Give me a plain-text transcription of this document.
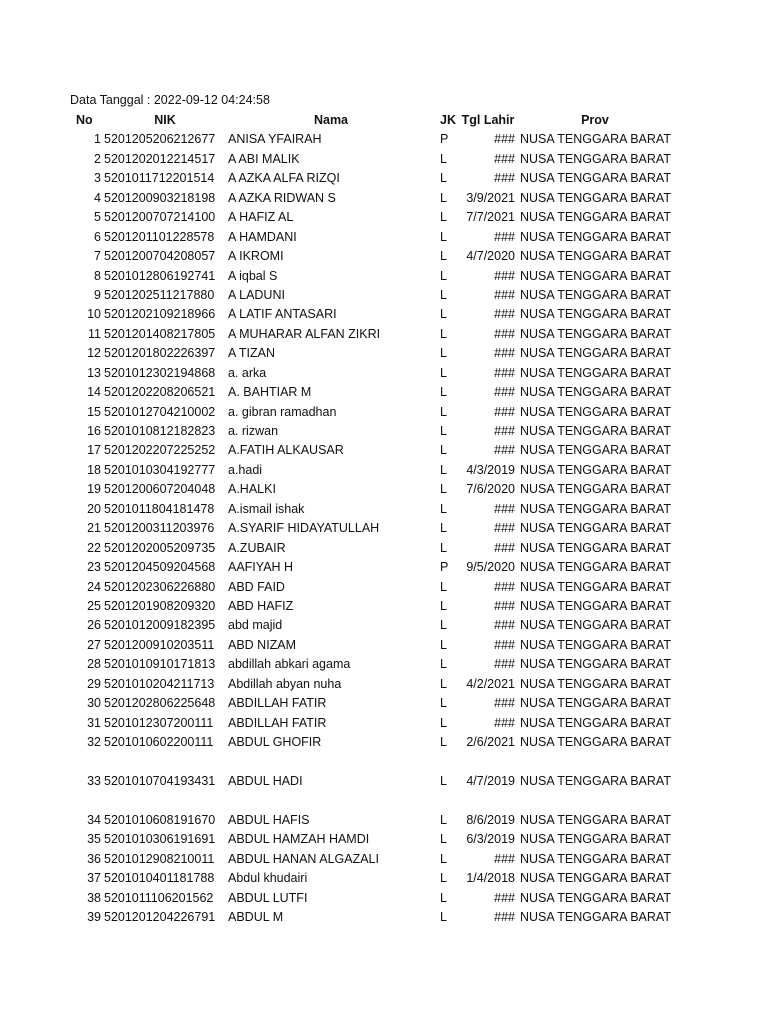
Data Tanggal : 2022-09-12 04:24:58
No	NIK	Nama	JK Tgl Lahir	Prov
1 5201205206212677	ANISA YFAIRAH	P	### NUSA TENGGARA BARAT
2 5201202012214517	A ABI MALIK	L	### NUSA TENGGARA BARAT
3 5201011712201514	A AZKA ALFA RIZQI	L	### NUSA TENGGARA BARAT
4 5201200903218198	A AZKA RIDWAN S	L	3/9/2021 NUSA TENGGARA BARAT
5 5201200707214100	A HAFIZ AL	L	7/7/2021 NUSA TENGGARA BARAT
6 5201201101228578	A HAMDANI	L	### NUSA TENGGARA BARAT
7 5201200704208057	A IKROMI	L	4/7/2020 NUSA TENGGARA BARAT
8 5201012806192741	A iqbal S	L	### NUSA TENGGARA BARAT
9 5201202511217880	A LADUNI	L	### NUSA TENGGARA BARAT
10 5201202109218966	A LATIF ANTASARI	L	### NUSA TENGGARA BARAT
11 5201201408217805	A MUHARAR ALFAN ZIKRI	L	### NUSA TENGGARA BARAT
12 5201201802226397	A TIZAN	L	### NUSA TENGGARA BARAT
13 5201012302194868	a. arka	L	### NUSA TENGGARA BARAT
14 5201202208206521	A. BAHTIAR M	L	### NUSA TENGGARA BARAT
15 5201012704210002	a. gibran ramadhan	L	### NUSA TENGGARA BARAT
16 5201010812182823	a. rizwan	L	### NUSA TENGGARA BARAT
17 5201202207225252	A.FATIH ALKAUSAR	L	### NUSA TENGGARA BARAT
18 5201010304192777	a.hadi	L	4/3/2019 NUSA TENGGARA BARAT
19 5201200607204048	A.HALKI	L	7/6/2020 NUSA TENGGARA BARAT
20 5201011804181478	A.ismail ishak	L	### NUSA TENGGARA BARAT
21 5201200311203976	A.SYARIF HIDAYATULLAH	L	### NUSA TENGGARA BARAT
22 5201202005209735	A.ZUBAIR	L	### NUSA TENGGARA BARAT
23 5201204509204568	AAFIYAH H	P	9/5/2020 NUSA TENGGARA BARAT
24 5201202306226880	ABD FAID	L	### NUSA TENGGARA BARAT
25 5201201908209320	ABD HAFIZ	L	### NUSA TENGGARA BARAT
26 5201012009182395	abd majid	L	### NUSA TENGGARA BARAT
27 5201200910203511	ABD NIZAM	L	### NUSA TENGGARA BARAT
28 5201010910171813	abdillah abkari agama	L	### NUSA TENGGARA BARAT
29 5201010204211713	Abdillah abyan nuha	L	4/2/2021 NUSA TENGGARA BARAT
30 5201202806225648	ABDILLAH FATIR	L	### NUSA TENGGARA BARAT
31 5201012307200111	ABDILLAH FATIR	L	### NUSA TENGGARA BARAT
32 5201010602200111	ABDUL GHOFIR	L	2/6/2021 NUSA TENGGARA BARAT
33 5201010704193431	ABDUL HADI	L	4/7/2019 NUSA TENGGARA BARAT
34 5201010608191670	ABDUL HAFIS	L	8/6/2019 NUSA TENGGARA BARAT
35 5201010306191691	ABDUL HAMZAH HAMDI	L	6/3/2019 NUSA TENGGARA BARAT
36 5201012908210011	ABDUL HANAN ALGAZALI	L	### NUSA TENGGARA BARAT
37 5201010401181788	Abdul khudairi	L	1/4/2018 NUSA TENGGARA BARAT
38 5201011106201562	ABDUL LUTFI	L	### NUSA TENGGARA BARAT
39 5201201204226791	ABDUL M	L	### NUSA TENGGARA BARAT
